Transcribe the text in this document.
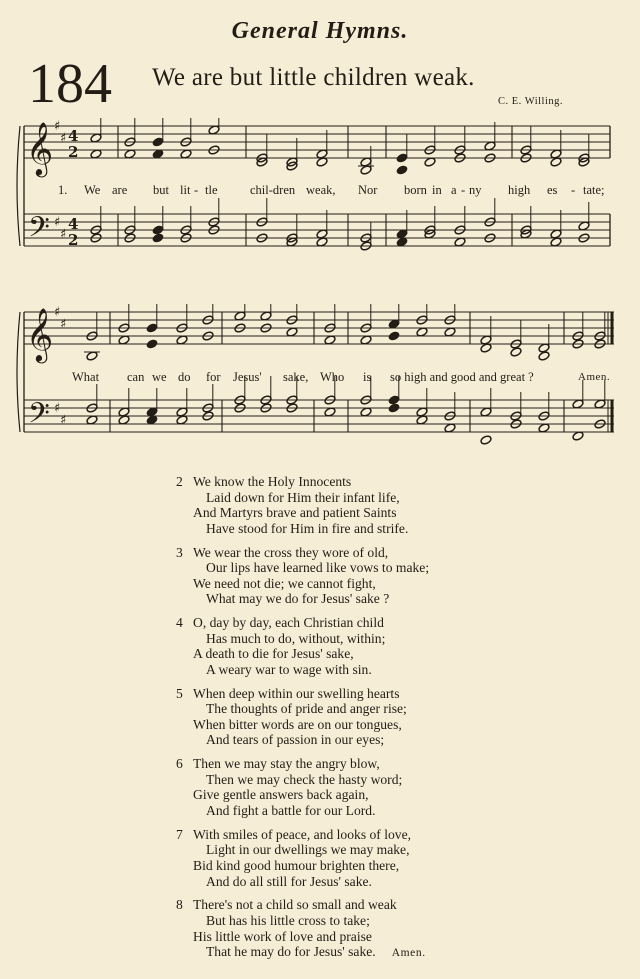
General Hymns.
184 We are but little children weak.
C. E. Willing.
𝄞
𝄢
♯
♯
♯
♯
4
2
4
2
1. We are but lit - tle	chil-dren weak, Nor born in a - ny high es - tate;
𝄞
𝄢
♯
♯
♯
♯
What can we do for Jesus' sake, Who is so high and good and great ?	Amen.
2 We know the Holy Innocents
Laid down for Him their infant life,
And Martyrs brave and patient Saints
Have stood for Him in fire and strife.
3 We wear the cross they wore of old,
Our lips have learned like vows to make;
We need not die; we cannot fight,
What may we do for Jesus' sake ?
4 O, day by day, each Christian child
Has much to do, without, within;
A death to die for Jesus' sake,
A weary war to wage with sin.
5 When deep within our swelling hearts
The thoughts of pride and anger rise;
When bitter words are on our tongues,
And tears of passion in our eyes;
6 Then we may stay the angry blow,
Then we may check the hasty word;
Give gentle answers back again,
And fight a battle for our Lord.
7 With smiles of peace, and looks of love,
Light in our dwellings we may make,
Bid kind good humour brighten there,
And do all still for Jesus' sake.
8 There's not a child so small and weak
But has his little cross to take;
His little work of love and praise
That he may do for Jesus' sake. Amen.
